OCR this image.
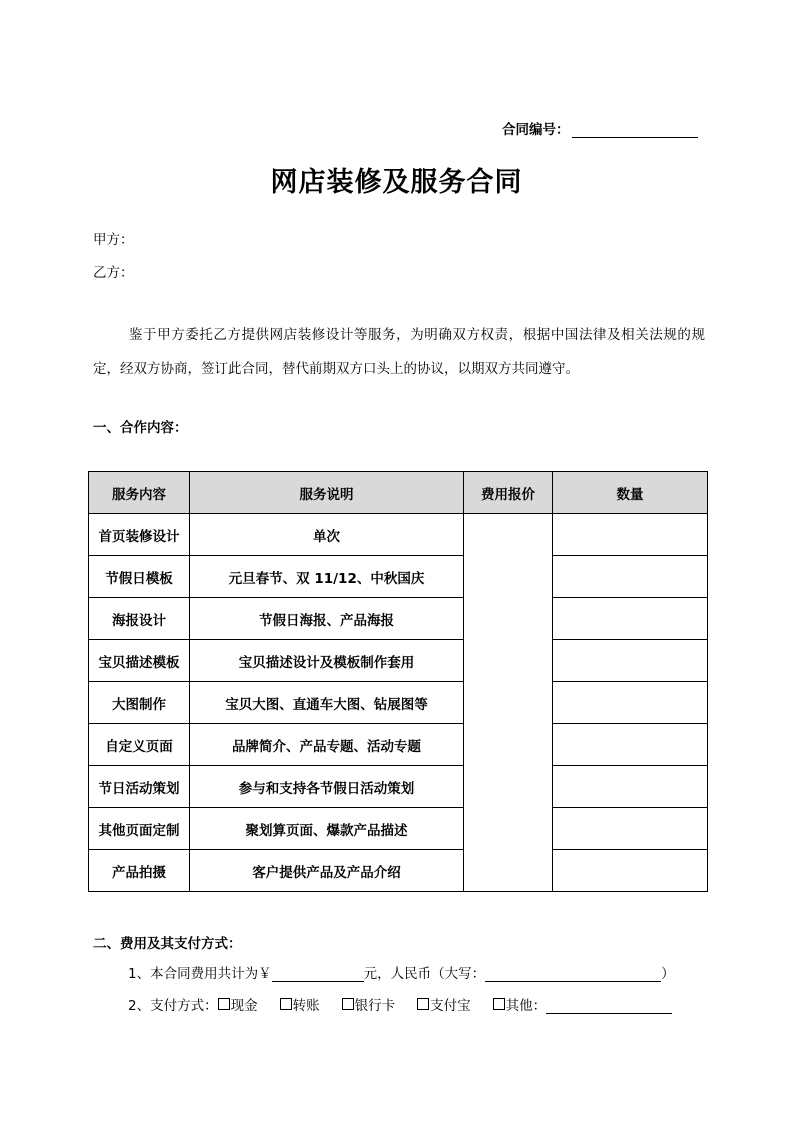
合同编号：
网店装修及服务合同
甲方：
乙方：
鉴于甲方委托乙方提供网店装修设计等服务，为明确双方权责，根据中国法律及相关法规的规定，经双方协商，签订此合同，替代前期双方口头上的协议，以期双方共同遵守。
一、合作内容：
服务内容	服务说明	费用报价	数量
首页装修设计	单次		
节假日模板	元旦春节、双 11/12、中秋国庆		
海报设计	节假日海报、产品海报		
宝贝描述模板	宝贝描述设计及模板制作套用		
大图制作	宝贝大图、直通车大图、钻展图等		
自定义页面	品牌简介、产品专题、活动专题		
节日活动策划	参与和支持各节假日活动策划		
其他页面定制	聚划算页面、爆款产品描述		
产品拍摄	客户提供产品及产品介绍		
二、费用及其支付方式：
1、本合同费用共计为￥	元，人民币（大写：	）
2、支付方式： 现金	转账	银行卡	支付宝	其他：
